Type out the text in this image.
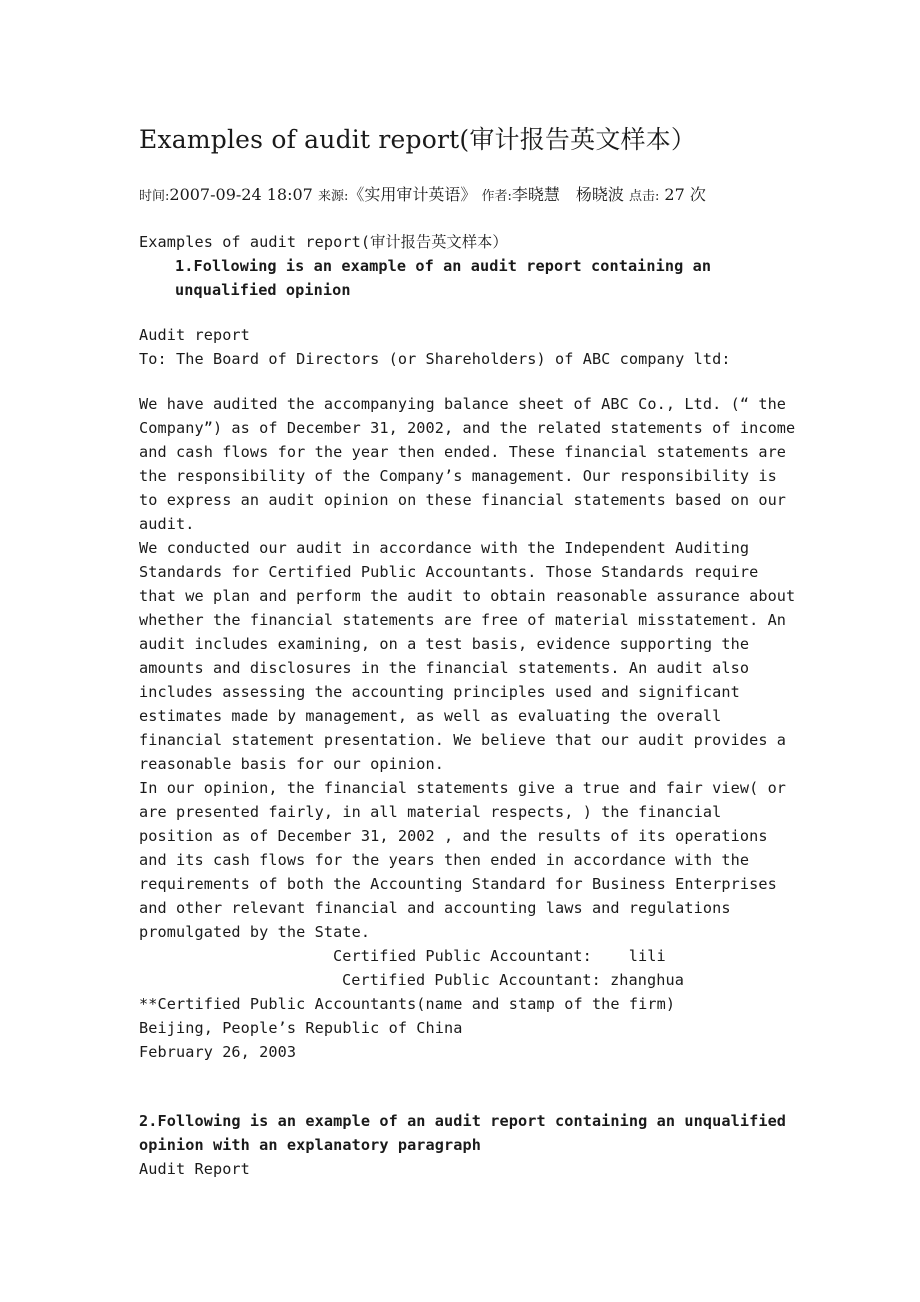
Examples of audit report(审计报告英文样本）
时间:2007-09-24 18:07 来源:《实用审计英语》 作者:李晓慧　杨晓波 点击: 27 次

Examples of audit report(审计报告英文样本）

1.Following is an example of an audit report containing an unqualified opinion

Audit report

To: The Board of Directors (or Shareholders) of ABC company ltd:

We have audited the accompanying balance sheet of ABC Co., Ltd. (“ the Company”) as of December 31, 2002, and the related statements of income and cash flows for the year then ended. These financial statements are the responsibility of the Company’s management. Our responsibility is to express an audit opinion on these financial statements based on our audit.

We conducted our audit in accordance with the Independent Auditing Standards for Certified Public Accountants. Those Standards require that we plan and perform the audit to obtain reasonable assurance about whether the financial statements are free of material misstatement. An audit includes examining, on a test basis, evidence supporting the amounts and disclosures in the financial statements. An audit also includes assessing the accounting principles used and significant estimates made by management, as well as evaluating the overall financial statement presentation. We believe that our audit provides a reasonable basis for our opinion.

In our opinion, the financial statements give a true and fair view( or are presented fairly, in all material respects, ) the financial position as of December 31, 2002 , and the results of its operations and its cash flows for the years then ended in accordance with the requirements of both the Accounting Standard for Business Enterprises and other relevant financial and accounting laws and regulations promulgated by the State.

Certified Public Accountant:    lili

Certified Public Accountant: zhanghua

**Certified Public Accountants(name and stamp of the firm)

Beijing, People’s Republic of China

February 26, 2003

2.Following is an example of an audit report containing an unqualified opinion with an explanatory paragraph

Audit Report
